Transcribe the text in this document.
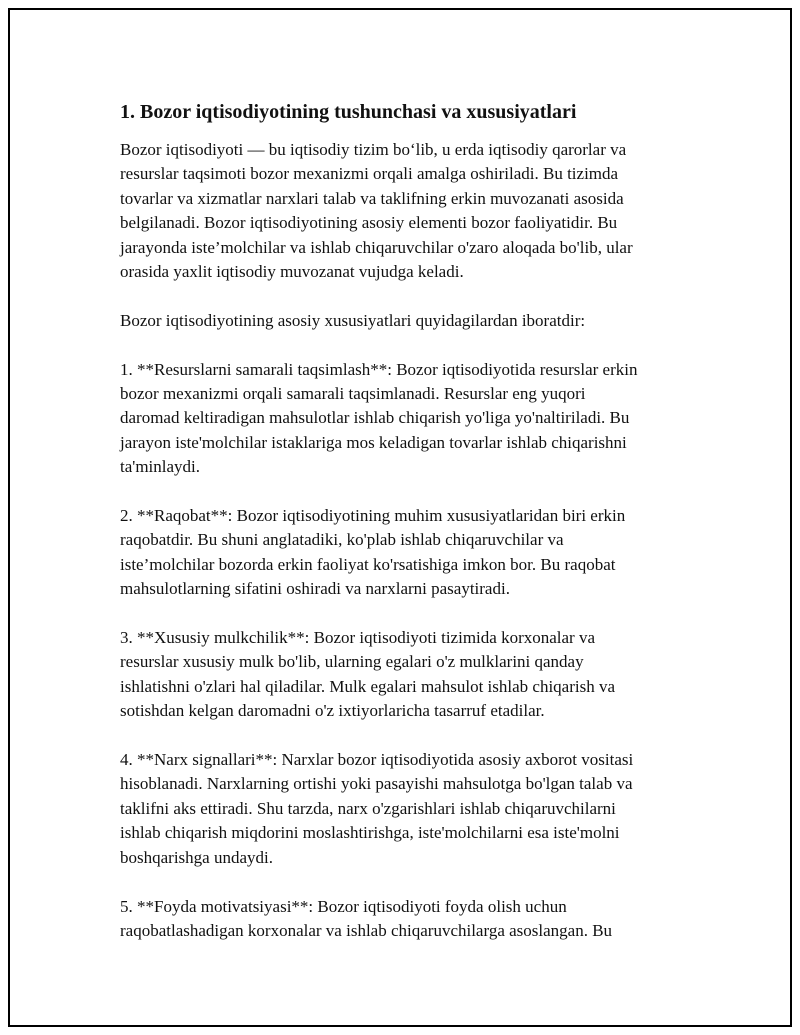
1. Bozor iqtisodiyotining tushunchasi va xususiyatlari

Bozor iqtisodiyoti — bu iqtisodiy tizim bo‘lib, u erda iqtisodiy qarorlar va
resurslar taqsimoti bozor mexanizmi orqali amalga oshiriladi. Bu tizimda
tovarlar va xizmatlar narxlari talab va taklifning erkin muvozanati asosida
belgilanadi. Bozor iqtisodiyotining asosiy elementi bozor faoliyatidir. Bu
jarayonda iste’molchilar va ishlab chiqaruvchilar o'zaro aloqada bo'lib, ular
orasida yaxlit iqtisodiy muvozanat vujudga keladi.

Bozor iqtisodiyotining asosiy xususiyatlari quyidagilardan iboratdir:

1. **Resurslarni samarali taqsimlash**: Bozor iqtisodiyotida resurslar erkin
bozor mexanizmi orqali samarali taqsimlanadi. Resurslar eng yuqori
daromad keltiradigan mahsulotlar ishlab chiqarish yo'liga yo'naltiriladi. Bu
jarayon iste'molchilar istaklariga mos keladigan tovarlar ishlab chiqarishni
ta'minlaydi.

2. **Raqobat**: Bozor iqtisodiyotining muhim xususiyatlaridan biri erkin
raqobatdir. Bu shuni anglatadiki, ko'plab ishlab chiqaruvchilar va
iste’molchilar bozorda erkin faoliyat ko'rsatishiga imkon bor. Bu raqobat
mahsulotlarning sifatini oshiradi va narxlarni pasaytiradi.

3. **Xususiy mulkchilik**: Bozor iqtisodiyoti tizimida korxonalar va
resurslar xususiy mulk bo'lib, ularning egalari o'z mulklarini qanday
ishlatishni o'zlari hal qiladilar. Mulk egalari mahsulot ishlab chiqarish va
sotishdan kelgan daromadni o'z ixtiyorlaricha tasarruf etadilar.

4. **Narx signallari**: Narxlar bozor iqtisodiyotida asosiy axborot vositasi
hisoblanadi. Narxlarning ortishi yoki pasayishi mahsulotga bo'lgan talab va
taklifni aks ettiradi. Shu tarzda, narx o'zgarishlari ishlab chiqaruvchilarni
ishlab chiqarish miqdorini moslashtirishga, iste'molchilarni esa iste'molni
boshqarishga undaydi.

5. **Foyda motivatsiyasi**: Bozor iqtisodiyoti foyda olish uchun
raqobatlashadigan korxonalar va ishlab chiqaruvchilarga asoslangan. Bu
